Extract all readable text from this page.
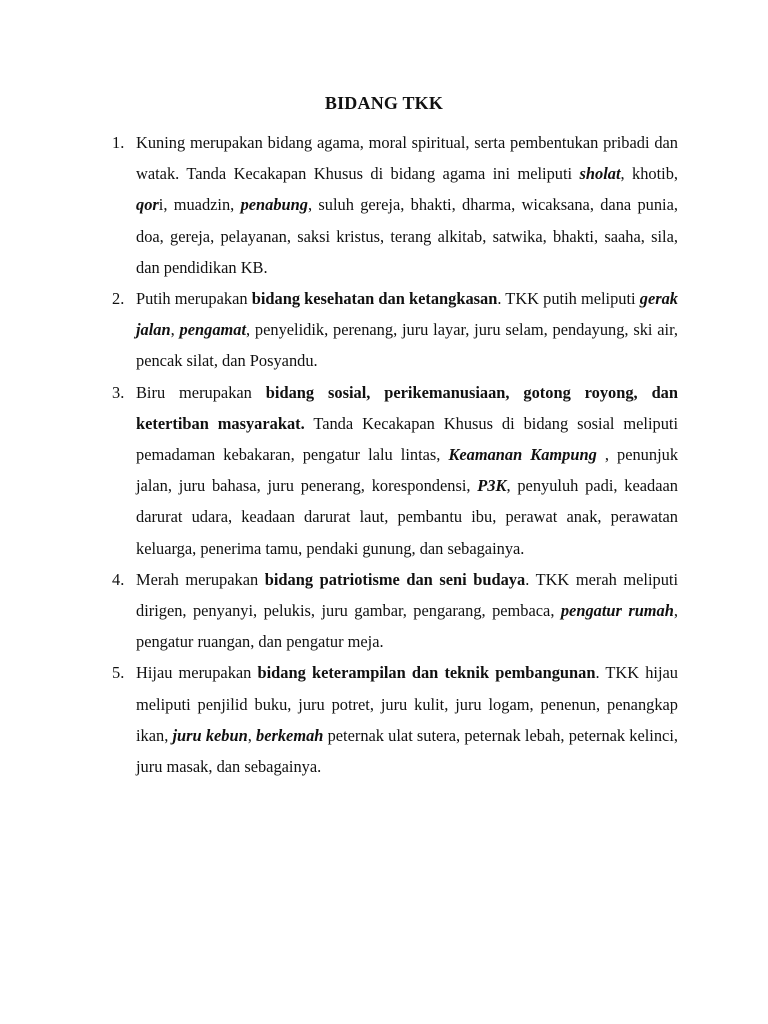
BIDANG TKK
1. Kuning merupakan bidang agama, moral spiritual, serta pembentukan pribadi dan watak. Tanda Kecakapan Khusus di bidang agama ini meliputi sholat, khotib, qori, muadzin, penabung, suluh gereja, bhakti, dharma, wicaksana, dana punia, doa, gereja, pelayanan, saksi kristus, terang alkitab, satwika, bhakti, saaha, sila, dan pendidikan KB.
2. Putih merupakan bidang kesehatan dan ketangkasan. TKK putih meliputi gerak jalan, pengamat, penyelidik, perenang, juru layar, juru selam, pendayung, ski air, pencak silat, dan Posyandu.
3. Biru merupakan bidang sosial, perikemanusiaan, gotong royong, dan ketertiban masyarakat. Tanda Kecakapan Khusus di bidang sosial meliputi pemadaman kebakaran, pengatur lalu lintas, Keamanan Kampung , penunjuk jalan, juru bahasa, juru penerang, korespondensi, P3K, penyuluh padi, keadaan darurat udara, keadaan darurat laut, pembantu ibu, perawat anak, perawatan keluarga, penerima tamu, pendaki gunung, dan sebagainya.
4. Merah merupakan bidang patriotisme dan seni budaya. TKK merah meliputi dirigen, penyanyi, pelukis, juru gambar, pengarang, pembaca, pengatur rumah, pengatur ruangan, dan pengatur meja.
5. Hijau merupakan bidang keterampilan dan teknik pembangunan. TKK hijau meliputi penjilid buku, juru potret, juru kulit, juru logam, penenun, penangkap ikan, juru kebun, berkemah peternak ulat sutera, peternak lebah, peternak kelinci, juru masak, dan sebagainya.
